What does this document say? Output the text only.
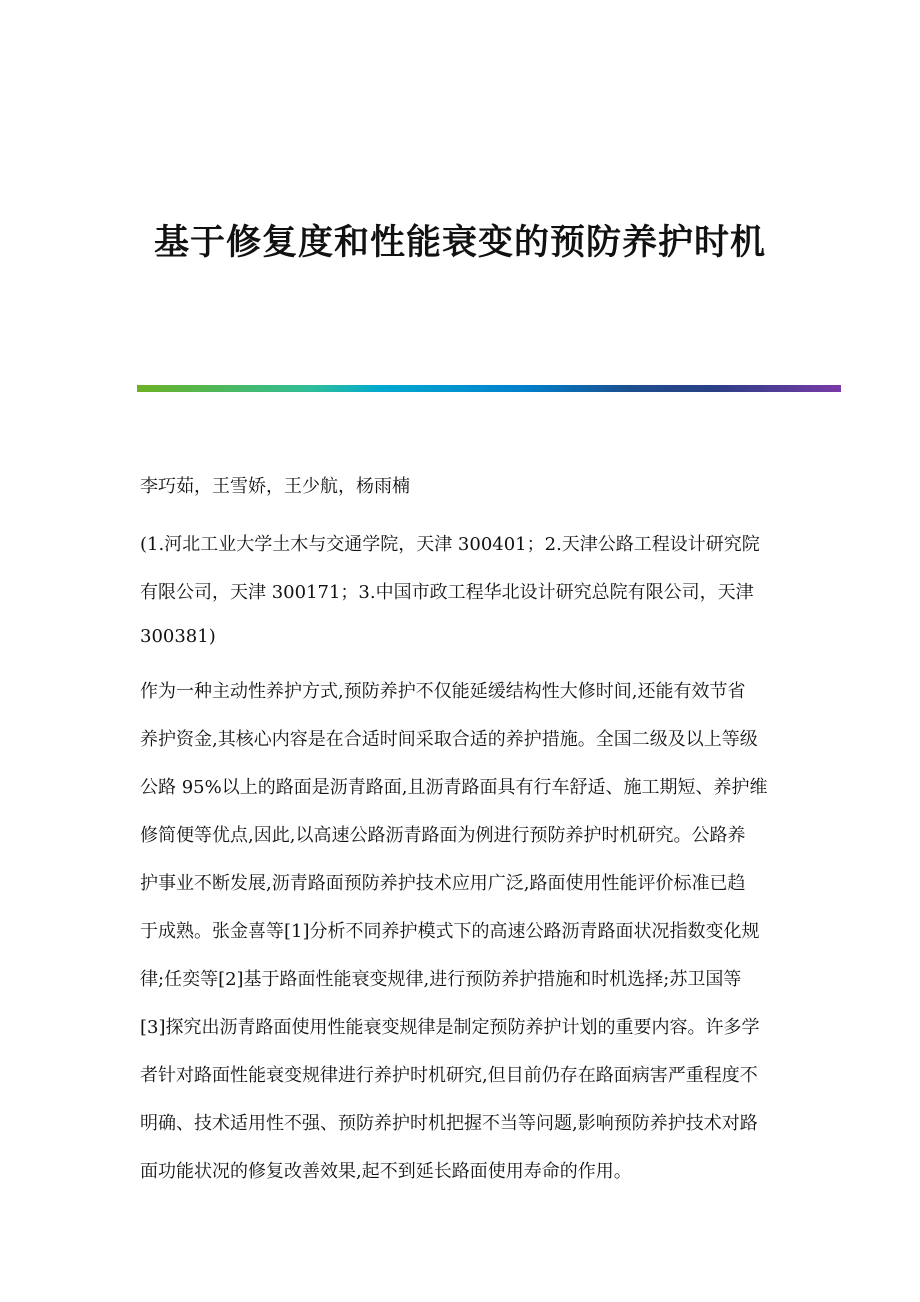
基于修复度和性能衰变的预防养护时机
李巧茹，王雪娇，王少航，杨雨楠
(1.河北工业大学土木与交通学院，天津 300401；2.天津公路工程设计研究院
有限公司，天津 300171；3.中国市政工程华北设计研究总院有限公司，天津
300381)
作为一种主动性养护方式,预防养护不仅能延缓结构性大修时间,还能有效节省
养护资金,其核心内容是在合适时间采取合适的养护措施。全国二级及以上等级
公路 95%以上的路面是沥青路面,且沥青路面具有行车舒适、施工期短、养护维
修简便等优点,因此,以高速公路沥青路面为例进行预防养护时机研究。公路养
护事业不断发展,沥青路面预防养护技术应用广泛,路面使用性能评价标准已趋
于成熟。张金喜等[1]分析不同养护模式下的高速公路沥青路面状况指数变化规
律;任奕等[2]基于路面性能衰变规律,进行预防养护措施和时机选择;苏卫国等
[3]探究出沥青路面使用性能衰变规律是制定预防养护计划的重要内容。许多学
者针对路面性能衰变规律进行养护时机研究,但目前仍存在路面病害严重程度不
明确、技术适用性不强、预防养护时机把握不当等问题,影响预防养护技术对路
面功能状况的修复改善效果,起不到延长路面使用寿命的作用。
